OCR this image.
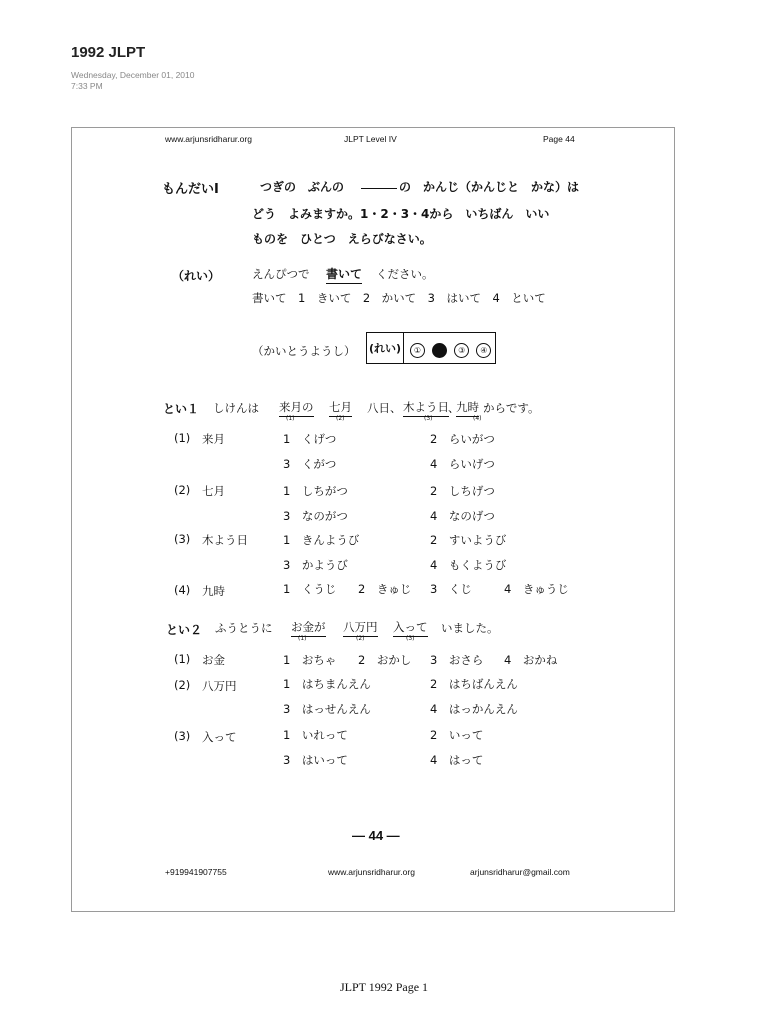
1992 JLPT
Wednesday, December 01, 2010
7:33 PM
www.arjunsridharur.org	JLPT Level IV	Page 44
もんだいⅠ	つぎの　ぶんの	の　かんじ（かんじと　かな）は
どう　よみますか。1・2・3・4から　いちばん　いい
ものを　ひとつ　えらびなさい。
（れい）	えんぴつで 書いて ください。
書いて　1　きいて　2　かいて　3　はいて　4　といて
（かいとうようし） (れい)	① ● ③ ④
とい１ しけんは 来月の
(1)
七月
(2)
八日、 木よう日
(3)
、
九時
(4)
からです。
(1) 来月	1　くげつ	2　らいがつ
3　くがつ	4　らいげつ
(2) 七月	1　しちがつ	2　しちげつ
3　なのがつ	4　なのげつ
(3) 木よう日	1　きんようび	2　すいようび
3　かようび	4　もくようび
(4) 九時	1　くうじ 2　きゅじ 3　くじ	4　きゅうじ
とい２ ふうとうに お金が
(1)
八万円
(2)
入って
(3)
いました。
(1) お金	1　おちゃ 2　おかし 3　おさら 4　おかね
(2) 八万円	1　はちまんえん	2　はちばんえん
3　はっせんえん	4　はっかんえん
(3) 入って	1　いれって	2　いって
3　はいって	4　はって
— 44 —
+919941907755	www.arjunsridharur.org	arjunsridharur@gmail.com
JLPT 1992 Page 1
